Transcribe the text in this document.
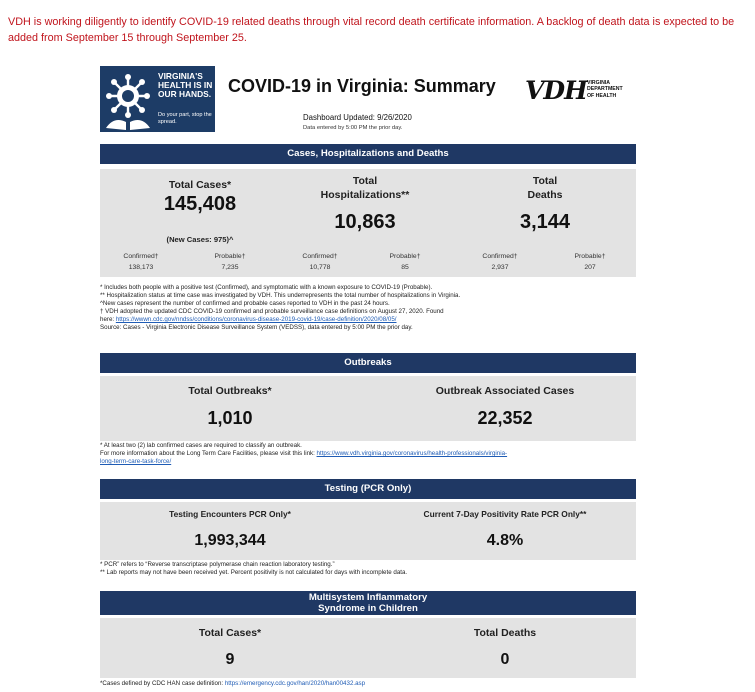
VDH is working diligently to identify COVID-19 related deaths through vital record death certificate information. A backlog of death data is expected to be added from September 15 through September 25.
VIRGINIA'S HEALTH IS IN OUR HANDS.
Do your part, stop the spread.
COVID-19 in Virginia: Summary VDH VIRGINIA
DEPARTMENT
OF HEALTH
Dashboard Updated: 9/26/2020
Data entered by 5:00 PM the prior day.
Cases, Hospitalizations and Deaths
Total Cases*
145,408
(New Cases: 975)^
Confirmed†
138,173
Probable†
7,235
Total
Hospitalizations**
10,863
Confirmed†
10,778
Probable†
85
Total
Deaths
3,144
Confirmed†
2,937
Probable†
207
* Includes both people with a positive test (Confirmed), and symptomatic with a known exposure to COVID-19 (Probable).
** Hospitalization status at time case was investigated by VDH. This underrepresents the total number of hospitalizations in Virginia.
^New cases represent the number of confirmed and probable cases reported to VDH in the past 24 hours.
† VDH adopted the updated CDC COVID-19 confirmed and probable surveillance case definitions on August 27, 2020. Found
here: https://wwwn.cdc.gov/nndss/conditions/coronavirus-disease-2019-covid-19/case-definition/2020/08/05/
Source: Cases - Virginia Electronic Disease Surveillance System (VEDSS), data entered by 5:00 PM the prior day.
Outbreaks
Total Outbreaks*
1,010
Outbreak Associated Cases
22,352
* At least two (2) lab confirmed cases are required to classify an outbreak.
For more information about the Long Term Care Facilities, please visit this link: https://www.vdh.virginia.gov/coronavirus/health-professionals/virginia-
long-term-care-task-force/
Testing (PCR Only)
Testing Encounters PCR Only*
1,993,344
Current 7-Day Positivity Rate PCR Only**
4.8%
* PCR” refers to “Reverse transcriptase polymerase chain reaction laboratory testing.”
** Lab reports may not have been received yet. Percent positivity is not calculated for days with incomplete data.
Multisystem Inflammatory
Syndrome in Children
Total Cases*
9
Total Deaths
0
*Cases defined by CDC HAN case definition: https://emergency.cdc.gov/han/2020/han00432.asp
